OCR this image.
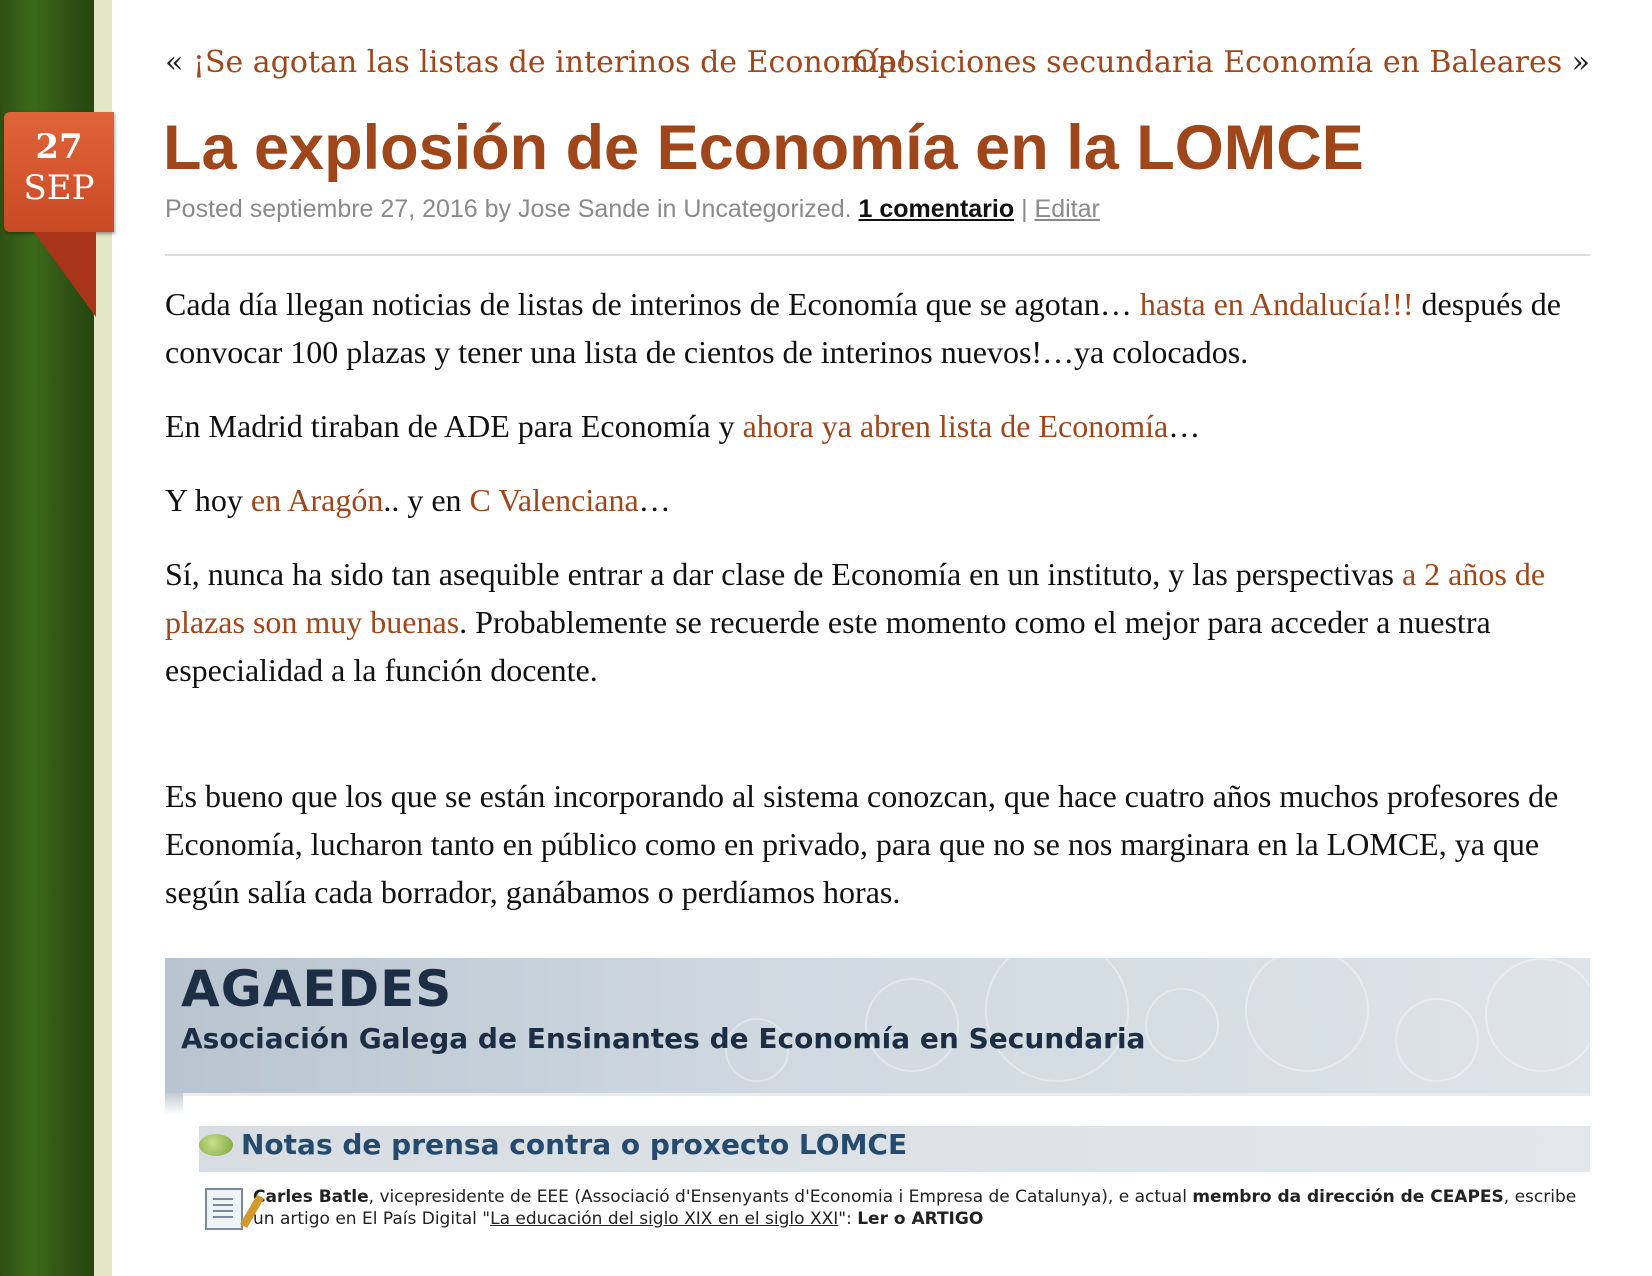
27
SEP
« ¡Se agotan las listas de interinos de Economía!
Oposiciones secundaria Economía en Baleares »
La explosión de Economía en la LOMCE
Posted septiembre 27, 2016 by Jose Sande in Uncategorized. 1 comentario | Editar

Cada día llegan noticias de listas de interinos de Economía que se agotan… hasta en Andalucía!!! después de convocar 100 plazas y tener una lista de cientos de interinos nuevos!…ya colocados.

En Madrid tiraban de ADE para Economía y ahora ya abren lista de Economía…

Y hoy en Aragón.. y en C Valenciana…

Sí, nunca ha sido tan asequible entrar a dar clase de Economía en un instituto, y las perspectivas a 2 años de plazas son muy buenas. Probablemente se recuerde este momento como el mejor para acceder a nuestra especialidad a la función docente.

Es bueno que los que se están incorporando al sistema conozcan, que hace cuatro años muchos profesores de Economía, lucharon tanto en público como en privado, para que no se nos marginara en la LOMCE, ya que según salía cada borrador, ganábamos o perdíamos horas.

AGAEDES
Asociación Galega de Ensinantes de Economía en Secundaria
Notas de prensa contra o proxecto LOMCE
Carles Batle, vicepresidente de EEE (Associació d'Ensenyants d'Economia i Empresa de Catalunya), e actual membro da dirección de CEAPES, escribe un artigo en El País Digital "La educación del siglo XIX en el siglo XXI": Ler o ARTIGO
